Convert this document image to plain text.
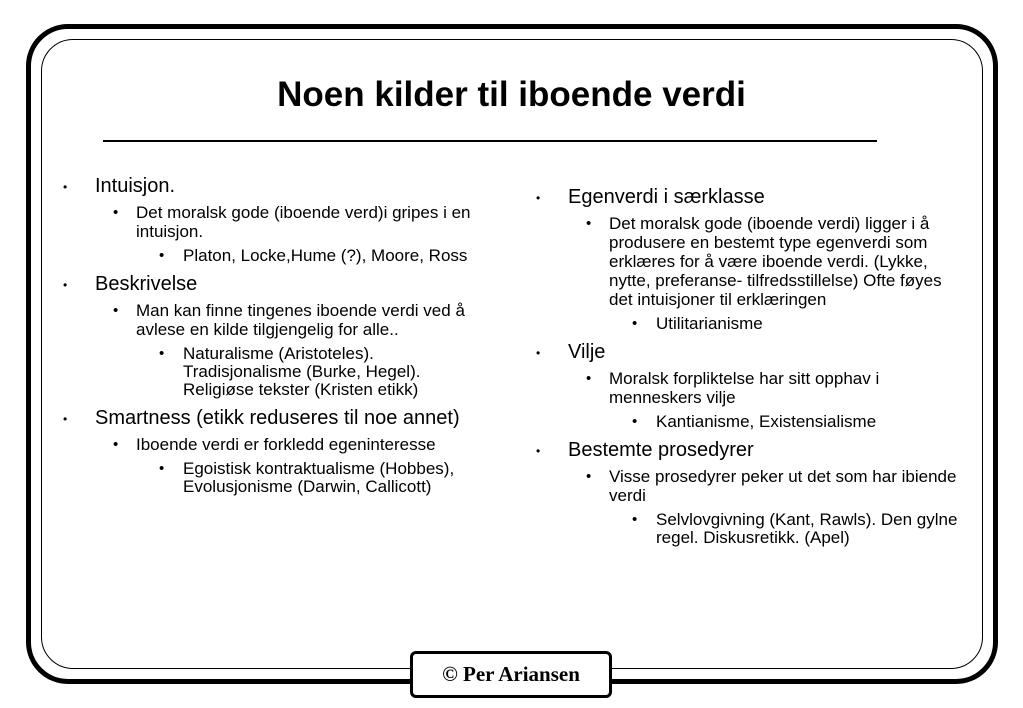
Noen kilder til iboende verdi
• Intuisjon.
• Det moralsk gode (iboende verd)i gripes i en intuisjon.
• Platon, Locke,Hume (?), Moore, Ross
• Beskrivelse
• Man kan finne tingenes iboende verdi ved å avlese en kilde tilgjengelig for alle..
• Naturalisme (Aristoteles). Tradisjonalisme (Burke, Hegel). Religiøse tekster (Kristen etikk)
• Smartness (etikk reduseres til noe annet)
• Iboende verdi er forkledd egeninteresse
• Egoistisk kontraktualisme (Hobbes), Evolusjonisme (Darwin, Callicott)
• Egenverdi i særklasse
• Det moralsk gode (iboende verdi) ligger i å produsere en bestemt type egenverdi som erklæres for å være iboende verdi. (Lykke, nytte, preferanse- tilfredsstillelse) Ofte føyes det intuisjoner til erklæringen
• Utilitarianisme
• Vilje
• Moralsk forpliktelse har sitt opphav i menneskers vilje
• Kantianisme, Existensialisme
• Bestemte prosedyrer
• Visse prosedyrer peker ut det som har ibiende verdi
• Selvlovgivning (Kant, Rawls). Den gylne regel. Diskusretikk. (Apel)
© Per Ariansen
